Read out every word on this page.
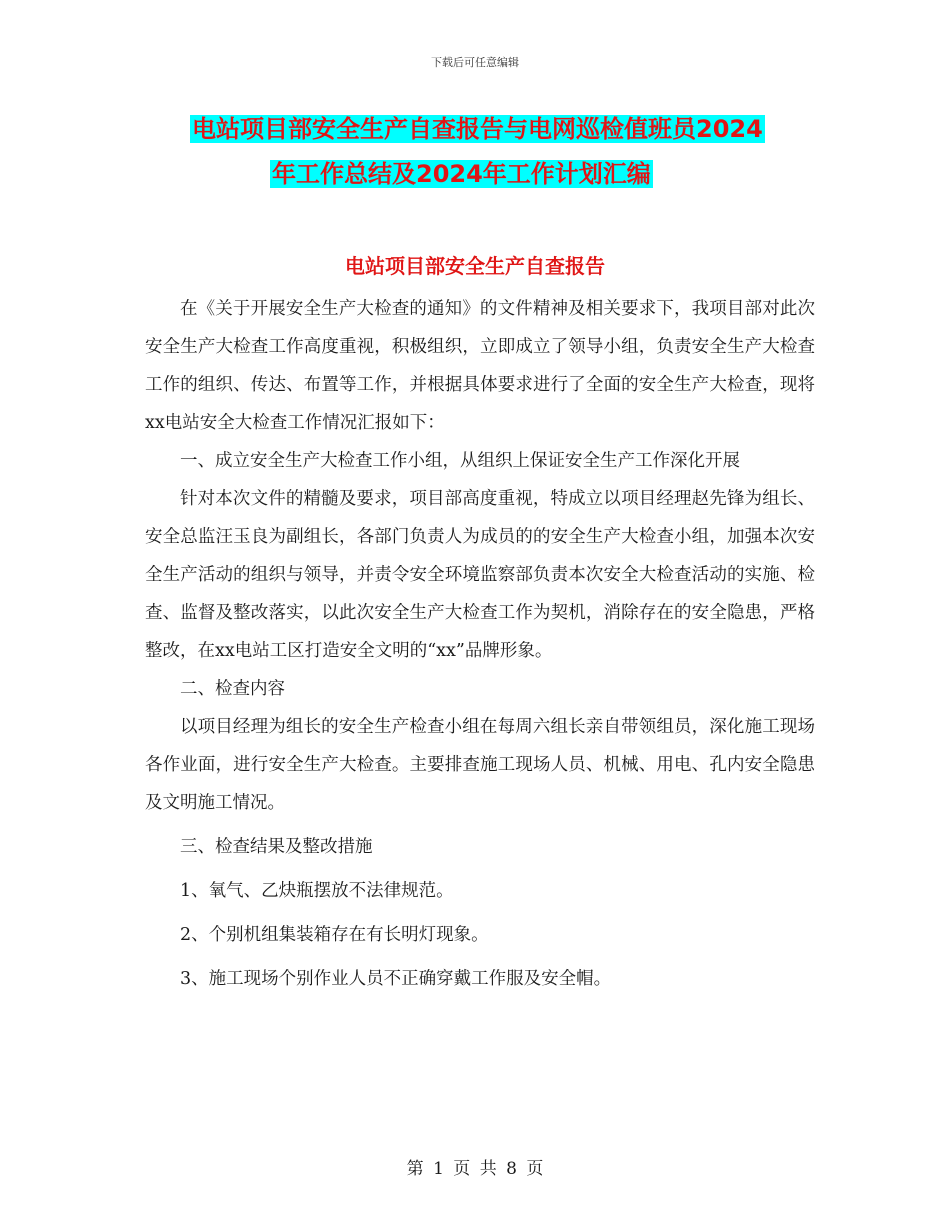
下载后可任意编辑
电站项目部安全生产自查报告与电网巡检值班员2024
年工作总结及2024年工作计划汇编
电站项目部安全生产自查报告

在《关于开展安全生产大检查的通知》的文件精神及相关要求下，我项目部对此次安全生产大检查工作高度重视，积极组织，立即成立了领导小组，负责安全生产大检查工作的组织、传达、布置等工作，并根据具体要求进行了全面的安全生产大检查，现将xx电站安全大检查工作情况汇报如下：

一、成立安全生产大检查工作小组，从组织上保证安全生产工作深化开展

针对本次文件的精髓及要求，项目部高度重视，特成立以项目经理赵先锋为组长、安全总监汪玉良为副组长，各部门负责人为成员的的安全生产大检查小组，加强本次安全生产活动的组织与领导，并责令安全环境监察部负责本次安全大检查活动的实施、检查、监督及整改落实，以此次安全生产大检查工作为契机，消除存在的安全隐患，严格整改，在xx电站工区打造安全文明的“xx”品牌形象。

二、检查内容

以项目经理为组长的安全生产检查小组在每周六组长亲自带领组员，深化施工现场各作业面，进行安全生产大检查。主要排查施工现场人员、机械、用电、孔内安全隐患及文明施工情况。

三、检查结果及整改措施

1、氧气、乙炔瓶摆放不法律规范。

2、个别机组集装箱存在有长明灯现象。

3、施工现场个别作业人员不正确穿戴工作服及安全帽。

第 1 页 共 8 页
